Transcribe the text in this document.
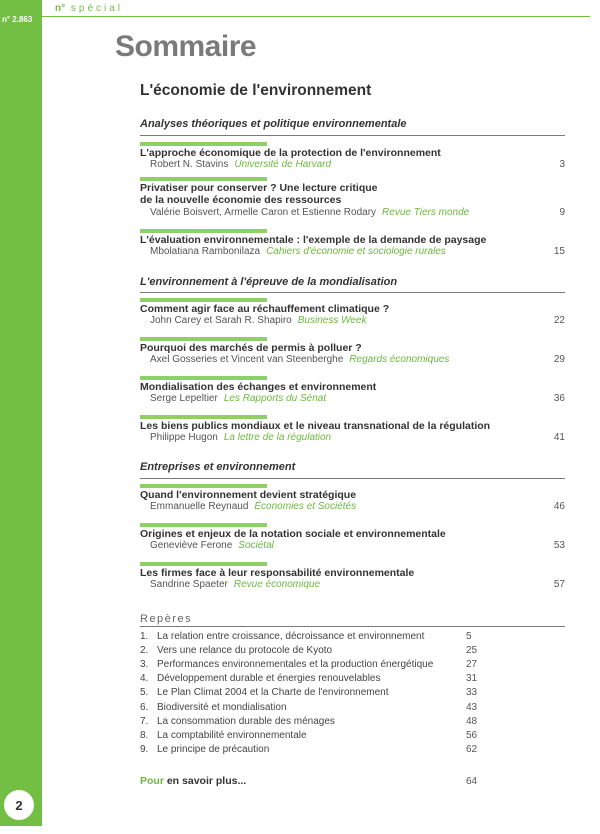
n° 2.863
n° spécial
Sommaire
L'économie de l'environnement
Analyses théoriques et politique environnementale
L'approche économique de la protection de l'environnement
Robert N. Stavins Université de Harvard	3
Privatiser pour conserver ? Une lecture critique
de la nouvelle économie des ressources
Valérie Boisvert, Armelle Caron et Estienne Rodary Revue Tiers monde	9
L'évaluation environnementale : l'exemple de la demande de paysage
Mbolatiana Rambonilaza Cahiers d'économie et sociologie rurales	15
L'environnement à l'épreuve de la mondialisation
Comment agir face au réchauffement climatique ?
John Carey et Sarah R. Shapiro Business Week	22
Pourquoi des marchés de permis à polluer ?
Axel Gosseries et Vincent van Steenberghe Regards économiques	29
Mondialisation des échanges et environnement
Serge Lepeltier Les Rapports du Sénat	36
Les biens publics mondiaux et le niveau transnational de la régulation
Philippe Hugon La lettre de la régulation	41
Entreprises et environnement
Quand l'environnement devient stratégique
Emmanuelle Reynaud Économies et Sociétés	46
Origines et enjeux de la notation sociale et environnementale
Geneviève Ferone Sociétal	53
Les firmes face à leur responsabilité environnementale
Sandrine Spaeter Revue économique	57
Repères
1. La relation entre croissance, décroissance et environnement	5
2. Vers une relance du protocole de Kyoto	25
3. Performances environnementales et la production énergétique	27
4. Développement durable et énergies renouvelables	31
5. Le Plan Climat 2004 et la Charte de l'environnement	33
6. Biodiversité et mondialisation	43
7. La consommation durable des ménages	48
8. La comptabilité environnementale	56
9. Le principe de précaution	62
Pour en savoir plus...	64
2
